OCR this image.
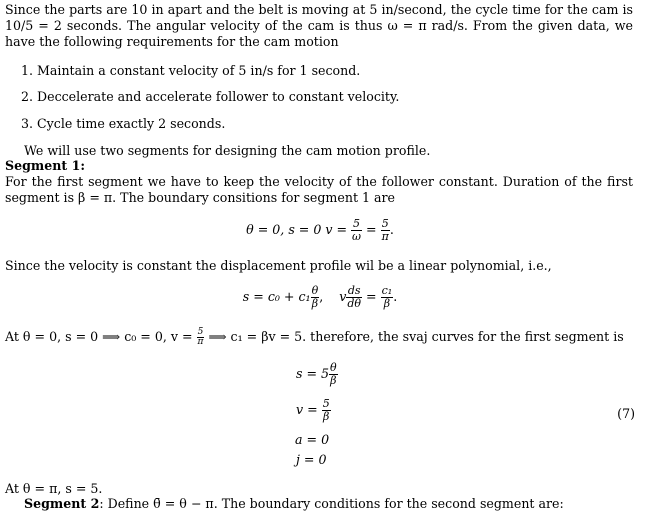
Since the parts are 10 in apart and the belt is moving at 5 in/second, the cycle time for the cam is 10/5 = 2 seconds. The angular velocity of the cam is thus ω = π rad/s. From the given data, we have the following requirements for the cam motion
1. Maintain a constant velocity of 5 in/s for 1 second.
2. Deccelerate and accelerate follower to constant velocity.
3. Cycle time exactly 2 seconds.
We will use two segments for designing the cam motion profile.
Segment 1:
For the first segment we have to keep the velocity of the follower constant. Duration of the first segment is β = π. The boundary consitions for segment 1 are
θ = 0, s = 0 $v = \frac{5}{\omega} = \frac{5}{\pi}$ .
Since the velocity is constant the displacement profile wil be a linear polynomial, i.e.,
$s = c_0 + c_1 \frac{\theta}{\beta}$ , v $\frac{ds}{d\theta} = \frac{\text{c₁}}{\beta}$ .
At θ = 0, s = 0 ⟹ c₀ = 0, $v = \frac{5}{\pi}$ ⟹ c₁ = βv = 5. therefore, the svaj curves for the first segment is
$s = 5 \frac{\theta}{\beta}$
$v = \frac{5}{\beta}$	(7)
a = 0
j = 0
At θ = π, s = 5.
Segment 2: Define θ̄ = θ − π. The boundary conditions for the second segment are:
